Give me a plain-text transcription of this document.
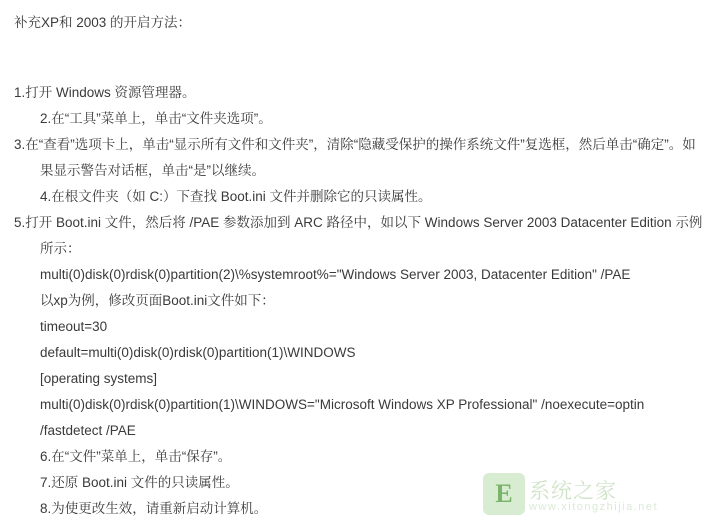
补充XP和 2003 的开启方法：
1.打开 Windows 资源管理器。
2.在“工具”菜单上，单击“文件夹选项”。
3.在“查看”选项卡上，单击“显示所有文件和文件夹”，清除“隐藏受保护的操作系统文件”复选框，然后单击“确定”。如果显示警告对话框，单击“是”以继续。
4.在根文件夹（如 C:）下查找 Boot.ini 文件并删除它的只读属性。
5.打开 Boot.ini 文件，然后将 /PAE 参数添加到 ARC 路径中，如以下 Windows Server 2003 Datacenter Edition 示例所示：
multi(0)disk(0)rdisk(0)partition(2)\%systemroot%="Windows Server 2003, Datacenter Edition" /PAE
以xp为例，修改页面Boot.ini文件如下：
timeout=30
default=multi(0)disk(0)rdisk(0)partition(1)\WINDOWS
[operating systems]
multi(0)disk(0)rdisk(0)partition(1)\WINDOWS="Microsoft Windows XP Professional" /noexecute=optin /fastdetect /PAE
6.在“文件”菜单上，单击“保存”。
7.还原 Boot.ini 文件的只读属性。
8.为使更改生效，请重新启动计算机。
E 系统之家
www.xitongzhijia.net
